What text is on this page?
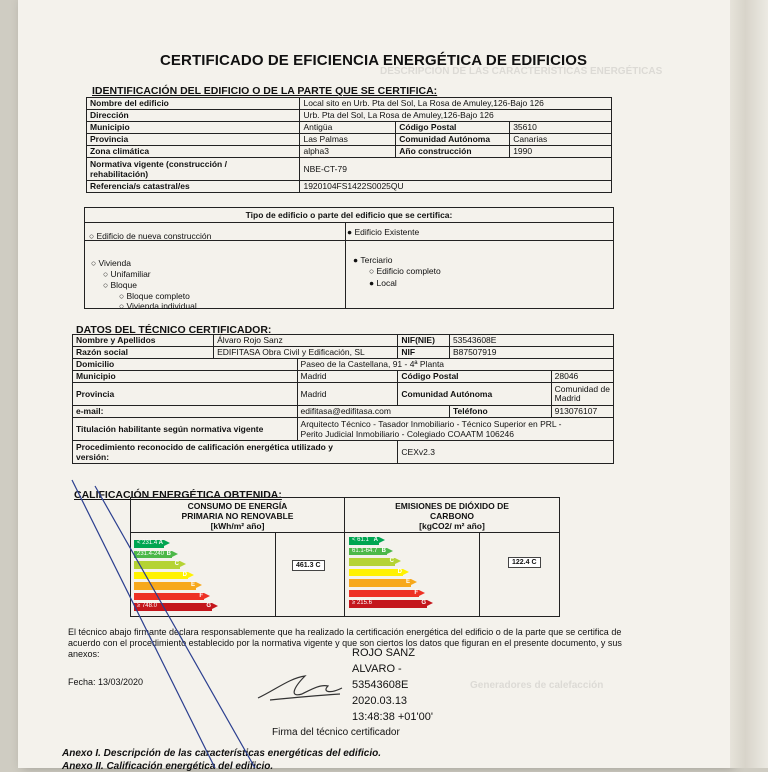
DESCRIPCIÓN DE LAS CARACTERÍSTICAS ENERGÉTICAS
Generadores de calefacción
CERTIFICADO DE EFICIENCIA ENERGÉTICA DE EDIFICIOS
IDENTIFICACIÓN DEL EDIFICIO O DE LA PARTE QUE SE CERTIFICA:
Nombre del edificio	Local sito en Urb. Pta del Sol, La Rosa de Amuley,126-Bajo 126		
Dirección	Urb. Pta del Sol, La Rosa de Amuley,126-Bajo 126		
Municipio	Antigüa	Código Postal	35610
Provincia	Las Palmas	Comunidad Autónoma	Canarias
Zona climática	alpha3	Año construcción	1990
Normativa vigente (construcción /
rehabilitación)	NBE-CT-79		
Referencia/s catastral/es	1920104FS1422S0025QU		
Tipo de edificio o parte del edificio que se certifica:
○ Edificio de nueva construcción	● Edificio Existente
○ Vivienda
○ Unifamiliar
○ Bloque
○ Bloque completo
○ Vivienda individual
● Terciario
○ Edificio completo
● Local
DATOS DEL TÉCNICO CERTIFICADOR:
Nombre y Apellidos	Álvaro Rojo Sanz		NIF(NIE)	53543608E	
Razón social	EDIFITASA Obra Civil y Edificación, SL		NIF	B87507919	
Domicilio		Paseo de la Castellana, 91 - 4ª Planta			
Municipio		Madrid	Código Postal		28046
Provincia		Madrid	Comunidad Autónoma		Comunidad de
Madrid
e-mail:		edifitasa@edifitasa.com		Teléfono	913076107
Titulación habilitante según normativa vigente		Arquitecto Técnico - Tasador Inmobiliario - Técnico Superior en PRL -
Perito Judicial Inmobiliario - Colegiado COAATM 106246			
Procedimiento reconocido de calificación energética utilizado y
versión:			CEXv2.3		
CALIFICACIÓN ENERGÉTICA OBTENIDA:
CONSUMO DE ENERGÍA
PRIMARIA NO RENOVABLE
[kWh/m² año]
EMISIONES DE DIÓXIDO DE
CARBONO
[kgCO2/ m² año]
< 231.4 A
231.4-240 B
C
D
E
F
≥ 748.0	G
< 61.1 A
61.1-64.7 B
C
D
E
F
≥ 215.6	G
461.3 C	122.4 C
El técnico abajo firmante declara responsablemente que ha realizado la certificación energética del edificio o de la parte que se certifica de acuerdo con el procedimiento establecido por la normativa vigente y que son ciertos los datos que figuran en el presente documento, y sus anexos:
Fecha: 13/03/2020
ROJO SANZ
ALVARO -
53543608E
2020.03.13
13:48:38 +01'00'
Firma del técnico certificador
Anexo I. Descripción de las características energéticas del edificio.
Anexo II. Calificación energética del edificio.
